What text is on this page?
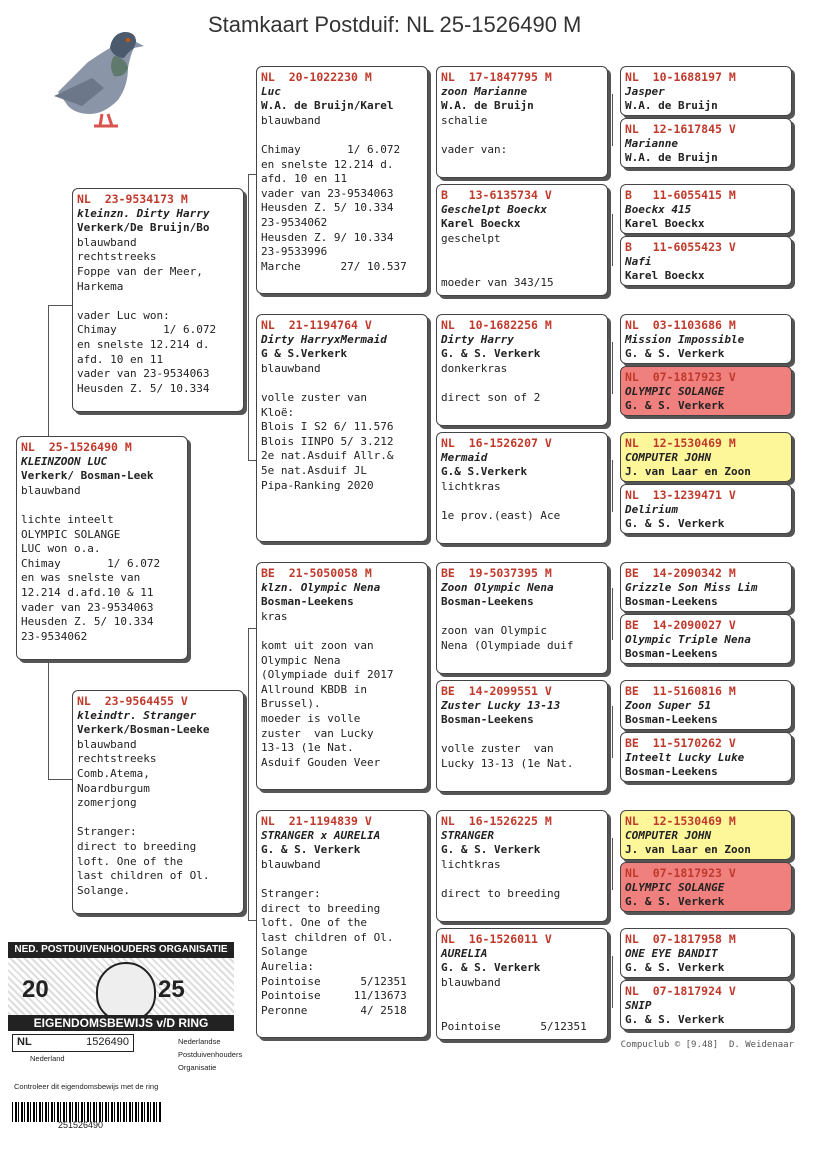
Stamkaart Postduif: NL 25-1526490 M
NL  25-1526490 M
KLEINZOON LUC
Verkerk/ Bosman-Leek
blauwband

lichte inteelt
OLYMPIC SOLANGE
LUC won o.a.
Chimay       1/ 6.072
en was snelste van
12.214 d.afd.10 & 11
vader van 23-9534063
Heusden Z. 5/ 10.334
23-9534062
NL  23-9534173 M
kleinzn. Dirty Harry
Verkerk/De Bruijn/Bo
blauwband
rechtstreeks
Foppe van der Meer,
Harkema

vader Luc won:
Chimay       1/ 6.072
en snelste 12.214 d.
afd. 10 en 11
vader van 23-9534063
Heusden Z. 5/ 10.334
NL  23-9564455 V
kleindtr. Stranger
Verkerk/Bosman-Leeke
blauwband
rechtstreeks
Comb.Atema,
Noardburgum
zomerjong

Stranger:
direct to breeding
loft. One of the
last children of Ol.
Solange.
NL  20-1022230 M
Luc
W.A. de Bruijn/Karel
blauwband

Chimay       1/ 6.072
en snelste 12.214 d.
afd. 10 en 11
vader van 23-9534063
Heusden Z. 5/ 10.334
23-9534062
Heusden Z. 9/ 10.334
23-9533996
Marche      27/ 10.537
NL  21-1194764 V
Dirty HarryxMermaid
G & S.Verkerk
blauwband

volle zuster van
Kloë:
Blois I S2 6/ 11.576
Blois IINPO 5/ 3.212
2e nat.Asduif Allr.&
5e nat.Asduif JL
Pipa-Ranking 2020
BE  21-5050058 M
klzn. Olympic Nena
Bosman-Leekens
kras

komt uit zoon van
Olympic Nena
(Olympiade duif 2017
Allround KBDB in
Brussel).
moeder is volle
zuster  van Lucky
13-13 (1e Nat.
Asduif Gouden Veer
NL  21-1194839 V
STRANGER x AURELIA
G. & S. Verkerk
blauwband

Stranger:
direct to breeding
loft. One of the
last children of Ol.
Solange
Aurelia:
Pointoise      5/12351
Pointoise     11/13673
Peronne        4/ 2518
NL  17-1847795 M
zoon Marianne
W.A. de Bruijn
schalie

vader van:
B   13-6135734 V
Geschelpt Boeckx
Karel Boeckx
geschelpt

moeder van 343/15
NL  10-1682256 M
Dirty Harry
G. & S. Verkerk
donkerkras

direct son of 2
NL  16-1526207 V
Mermaid
G.& S.Verkerk
lichtkras

1e prov.(east) Ace
BE  19-5037395 M
Zoon Olympic Nena
Bosman-Leekens

zoon van Olympic
Nena (Olympiade duif
BE  14-2099551 V
Zuster Lucky 13-13
Bosman-Leekens

volle zuster  van
Lucky 13-13 (1e Nat.
NL  16-1526225 M
STRANGER
G. & S. Verkerk
lichtkras

direct to breeding
NL  16-1526011 V
AURELIA
G. & S. Verkerk
blauwband

Pointoise      5/12351
NL  10-1688197 M
Jasper
W.A. de Bruijn
NL  12-1617845 V
Marianne
W.A. de Bruijn
B   11-6055415 M
Boeckx 415
Karel Boeckx
B   11-6055423 V
Nafi
Karel Boeckx
NL  03-1103686 M
Mission Impossible
G. & S. Verkerk
NL  07-1817923 V
OLYMPIC SOLANGE
G. & S. Verkerk
NL  12-1530469 M
COMPUTER JOHN
J. van Laar en Zoon
NL  13-1239471 V
Delirium
G. & S. Verkerk
BE  14-2090342 M
Grizzle Son Miss Lim
Bosman-Leekens
BE  14-2090027 V
Olympic Triple Nena
Bosman-Leekens
BE  11-5160816 M
Zoon Super 51
Bosman-Leekens
BE  11-5170262 V
Inteelt Lucky Luke
Bosman-Leekens
NL  12-1530469 M
COMPUTER JOHN
J. van Laar en Zoon
NL  07-1817923 V
OLYMPIC SOLANGE
G. & S. Verkerk
NL  07-1817958 M
ONE EYE BANDIT
G. & S. Verkerk
NL  07-1817924 V
SNIP
G. & S. Verkerk
Compuclub © [9.48]  D. Weidenaar
NED. POSTDUIVENHOUDERS ORGANISATIE
20	25
EIGENDOMSBEWIJS v/D RING
NL	1526490
Nederland
Nederlandse
Postduivenhouders
Organisatie
Controleer dit eigendomsbewijs met de ring
251526490
